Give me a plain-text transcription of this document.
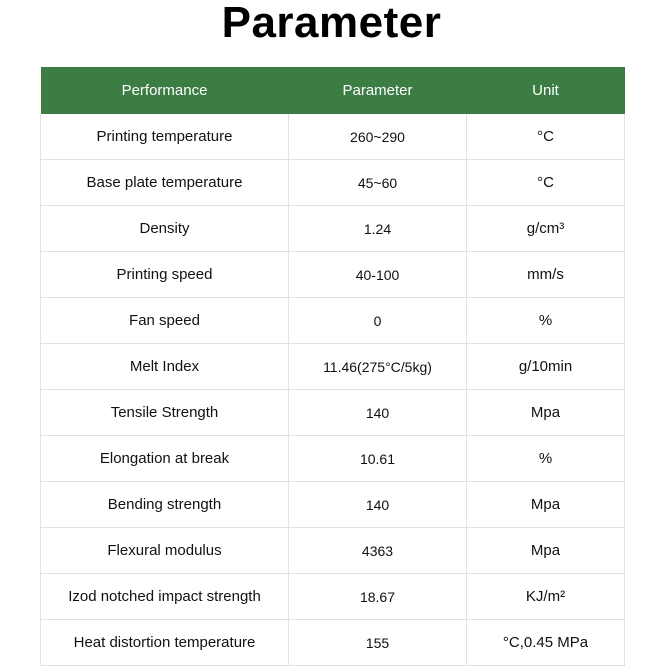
Parameter
Performance	Parameter	Unit
Printing temperature	260~290	°C
Base plate temperature	45~60	°C
Density	1.24	g/cm³
Printing speed	40-100	mm/s
Fan speed	0	%
Melt Index	11.46(275°C/5kg)	g/10min
Tensile Strength	140	Mpa
Elongation at break	10.61	%
Bending strength	140	Mpa
Flexural modulus	4363	Mpa
Izod notched impact strength	18.67	KJ/m²
Heat distortion temperature	155	°C,0.45 MPa
